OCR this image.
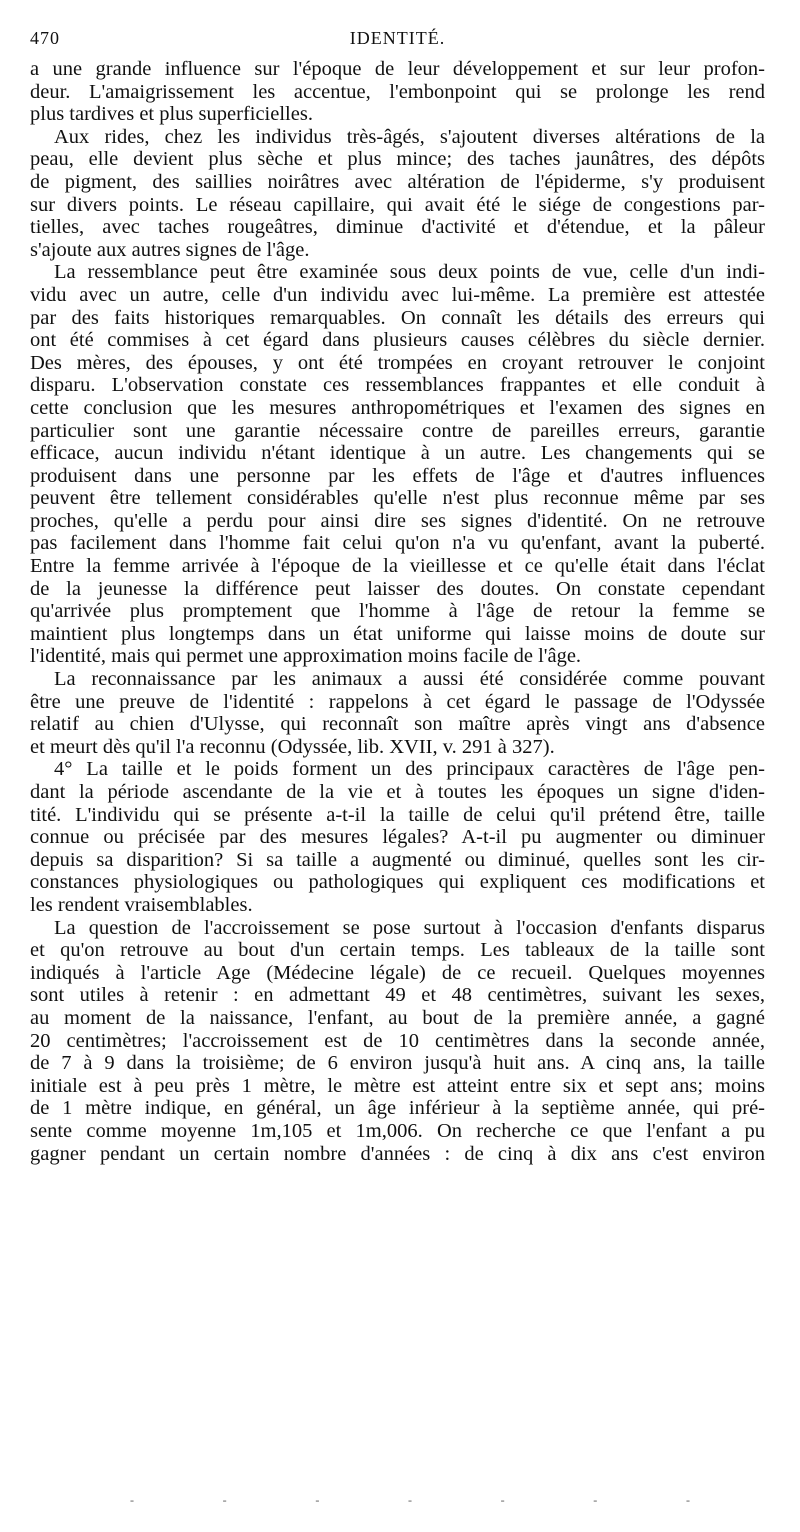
470	IDENTITÉ.

a une grande influence sur l'époque de leur développement et sur leur profon-
deur. L'amaigrissement les accentue, l'embonpoint qui se prolonge les rend
plus tardives et plus superficielles.

Aux rides, chez les individus très-âgés, s'ajoutent diverses altérations de la
peau, elle devient plus sèche et plus mince; des taches jaunâtres, des dépôts
de pigment, des saillies noirâtres avec altération de l'épiderme, s'y produisent
sur divers points. Le réseau capillaire, qui avait été le siége de congestions par-
tielles, avec taches rougeâtres, diminue d'activité et d'étendue, et la pâleur
s'ajoute aux autres signes de l'âge.

La ressemblance peut être examinée sous deux points de vue, celle d'un indi-
vidu avec un autre, celle d'un individu avec lui-même. La première est attestée
par des faits historiques remarquables. On connaît les détails des erreurs qui
ont été commises à cet égard dans plusieurs causes célèbres du siècle dernier.
Des mères, des épouses, y ont été trompées en croyant retrouver le conjoint
disparu. L'observation constate ces ressemblances frappantes et elle conduit à
cette conclusion que les mesures anthropométriques et l'examen des signes en
particulier sont une garantie nécessaire contre de pareilles erreurs, garantie
efficace, aucun individu n'étant identique à un autre. Les changements qui se
produisent dans une personne par les effets de l'âge et d'autres influences
peuvent être tellement considérables qu'elle n'est plus reconnue même par ses
proches, qu'elle a perdu pour ainsi dire ses signes d'identité. On ne retrouve
pas facilement dans l'homme fait celui qu'on n'a vu qu'enfant, avant la puberté.
Entre la femme arrivée à l'époque de la vieillesse et ce qu'elle était dans l'éclat
de la jeunesse la différence peut laisser des doutes. On constate cependant
qu'arrivée plus promptement que l'homme à l'âge de retour la femme se
maintient plus longtemps dans un état uniforme qui laisse moins de doute sur
l'identité, mais qui permet une approximation moins facile de l'âge.

La reconnaissance par les animaux a aussi été considérée comme pouvant
être une preuve de l'identité : rappelons à cet égard le passage de l'Odyssée
relatif au chien d'Ulysse, qui reconnaît son maître après vingt ans d'absence
et meurt dès qu'il l'a reconnu (Odyssée, lib. XVII, v. 291 à 327).

4° La taille et le poids forment un des principaux caractères de l'âge pen-
dant la période ascendante de la vie et à toutes les époques un signe d'iden-
tité. L'individu qui se présente a-t-il la taille de celui qu'il prétend être, taille
connue ou précisée par des mesures légales? A-t-il pu augmenter ou diminuer
depuis sa disparition? Si sa taille a augmenté ou diminué, quelles sont les cir-
constances physiologiques ou pathologiques qui expliquent ces modifications et
les rendent vraisemblables.

La question de l'accroissement se pose surtout à l'occasion d'enfants disparus
et qu'on retrouve au bout d'un certain temps. Les tableaux de la taille sont
indiqués à l'article Age (Médecine légale) de ce recueil. Quelques moyennes
sont utiles à retenir : en admettant 49 et 48 centimètres, suivant les sexes,
au moment de la naissance, l'enfant, au bout de la première année, a gagné
20 centimètres; l'accroissement est de 10 centimètres dans la seconde année,
de 7 à 9 dans la troisième; de 6 environ jusqu'à huit ans. A cinq ans, la taille
initiale est à peu près 1 mètre, le mètre est atteint entre six et sept ans; moins
de 1 mètre indique, en général, un âge inférieur à la septième année, qui pré-
sente comme moyenne 1m,105 et 1m,006. On recherche ce que l'enfant a pu
gagner pendant un certain nombre d'années : de cinq à dix ans c'est environ

-	-	-	-	-	-	-
